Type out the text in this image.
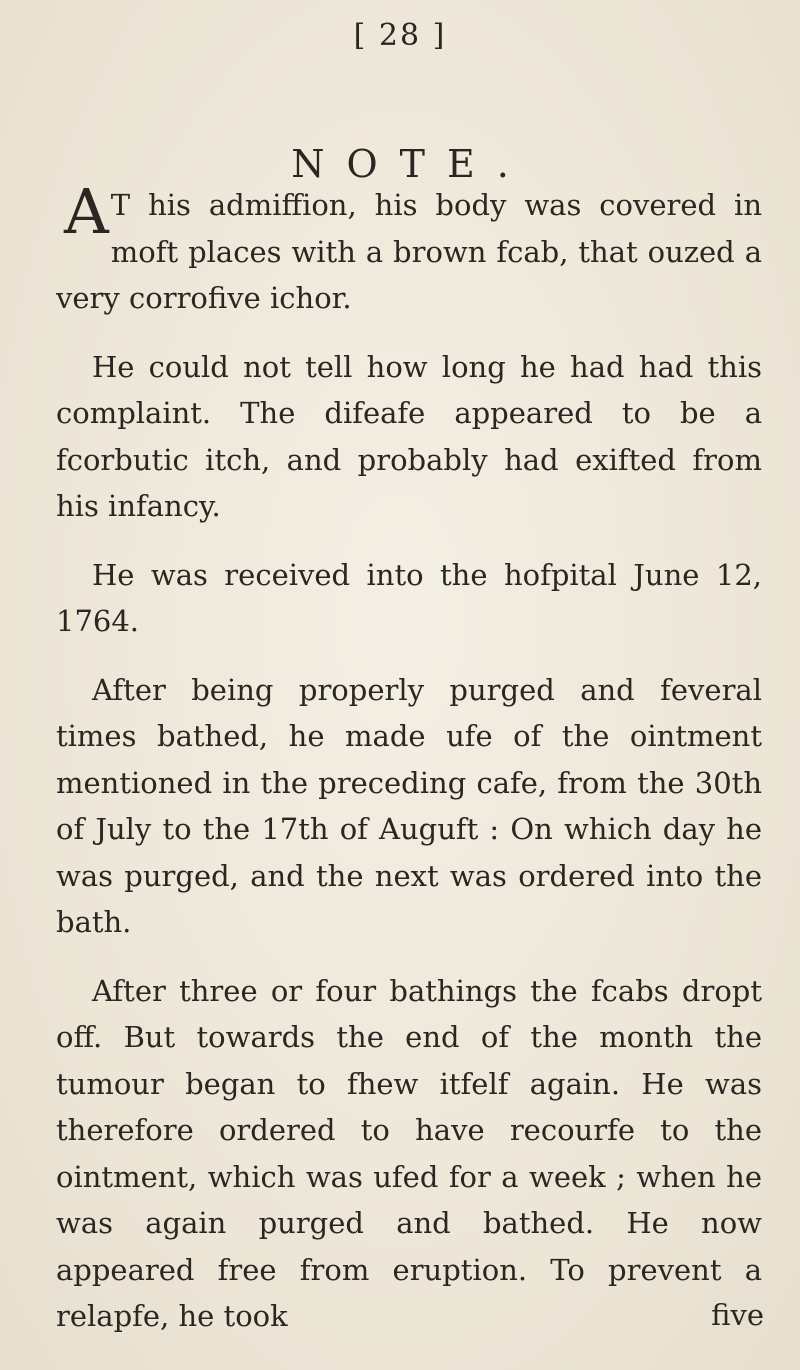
[ 28 ]
NOTE.

A T his admiffion, his body was covered in moft places with a brown fcab, that ouzed a very corrofive ichor.

He could not tell how long he had had this complaint. The difeafe appeared to be a fcorbutic itch, and probably had exifted from his infancy.

He was received into the hofpital June 12, 1764.

After being properly purged and feveral times bathed, he made ufe of the ointment mentioned in the preceding cafe, from the 30th of July to the 17th of Auguft : On which day he was purged, and the next was ordered into the bath.

After three or four bathings the fcabs dropt off. But towards the end of the month the tumour began to fhew itfelf again. He was therefore ordered to have recourfe to the ointment, which was ufed for a week ; when he was again purged and bathed. He now appeared free from eruption. To prevent a relapfe, he took	five
